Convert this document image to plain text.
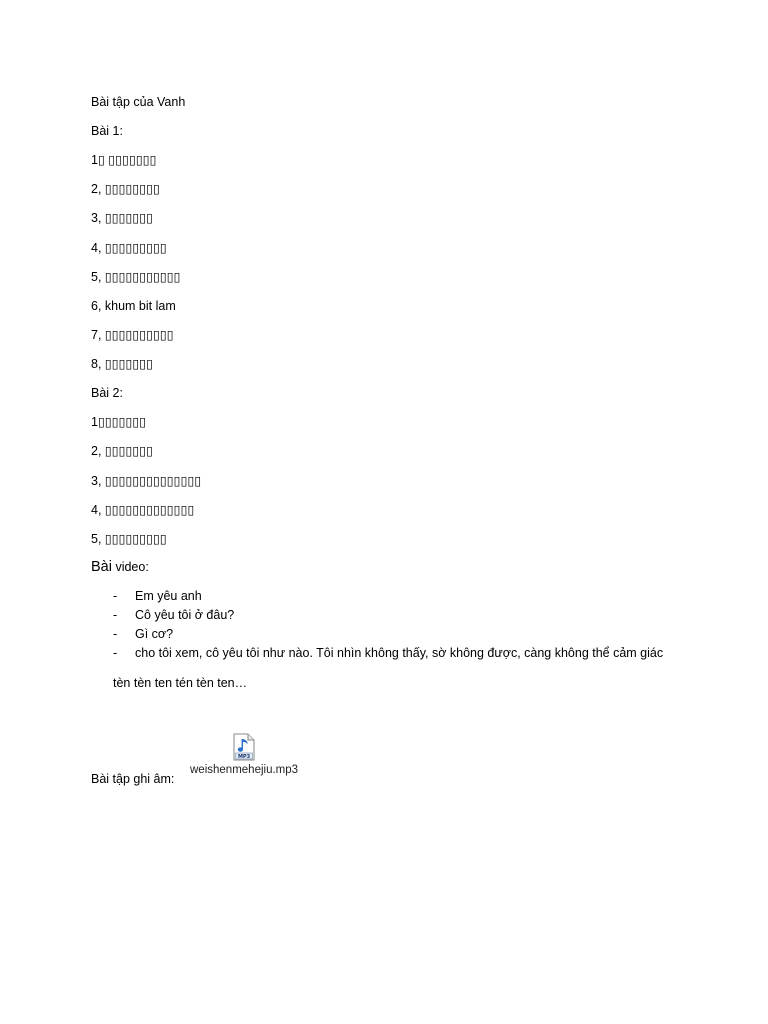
Bài tập của Vanh
Bài 1:
1▯ ▯▯▯▯▯▯▯
2, ▯▯▯▯▯▯▯▯
3, ▯▯▯▯▯▯▯
4, ▯▯▯▯▯▯▯▯▯
5, ▯▯▯▯▯▯▯▯▯▯▯
6, khum bit lam
7, ▯▯▯▯▯▯▯▯▯▯
8, ▯▯▯▯▯▯▯
Bài 2:
1▯▯▯▯▯▯▯
2, ▯▯▯▯▯▯▯
3, ▯▯▯▯▯▯▯▯▯▯▯▯▯▯
4, ▯▯▯▯▯▯▯▯▯▯▯▯▯
5, ▯▯▯▯▯▯▯▯▯
Bài video:
- Em yêu anh
- Cô yêu tôi ở đâu?
- Gì cơ?
- cho tôi xem, cô yêu tôi như nào. Tôi nhìn không thấy, sờ không được, càng không thể cảm giác
tèn tèn ten tén tèn ten…
Bài tập ghi âm:
MP3
weishenmehejiu.mp3
